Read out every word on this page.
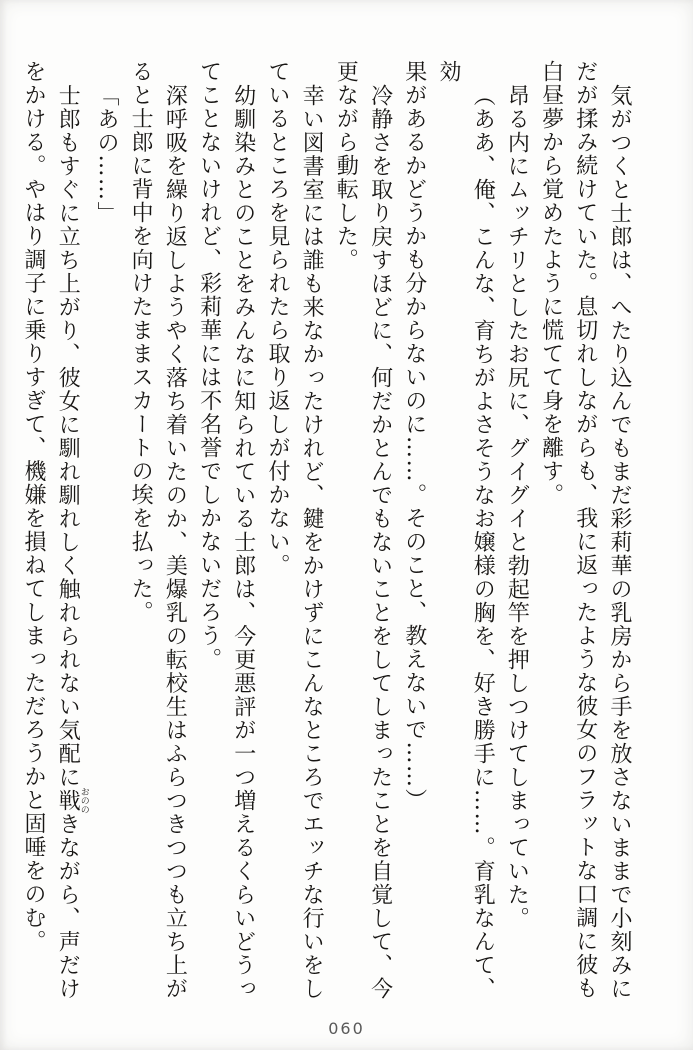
気がつくと士郎は、へたり込んでもまだ彩莉華の乳房から手を放さないままで小刻みに

だが揉み続けていた。息切れしながらも、我に返ったような彼女のフラットな口調に彼も

白昼夢から覚めたように慌てて身を離す。

昂る内にムッチリとしたお尻に、グイグイと勃起竿を押しつけてしまっていた。

（ああ、俺、こんな、育ちがよさそうなお嬢様の胸を、好き勝手に……。育乳なんて、効

果があるかどうかも分からないのに……。そのこと、教えないで……）

冷静さを取り戻すほどに、何だかとんでもないことをしてしまったことを自覚して、今

更ながら動転した。

幸い図書室には誰も来なかったけれど、鍵をかけずにこんなところでエッチな行いをし

ているところを見られたら取り返しが付かない。

幼馴染みとのことをみんなに知られている士郎は、今更悪評が一つ増えるくらいどうっ

てことないけれど、彩莉華には不名誉でしかないだろう。

深呼吸を繰り返しようやく落ち着いたのか、美爆乳の転校生はふらつきつつも立ち上が

ると士郎に背中を向けたままスカートの埃を払った。

「あの……」

士郎もすぐに立ち上がり、彼女に馴れ馴れしく触れられない気配に戦おののきながら、声だけ

をかける。やはり調子に乗りすぎて、機嫌を損ねてしまっただろうかと固唾をのむ。

060
